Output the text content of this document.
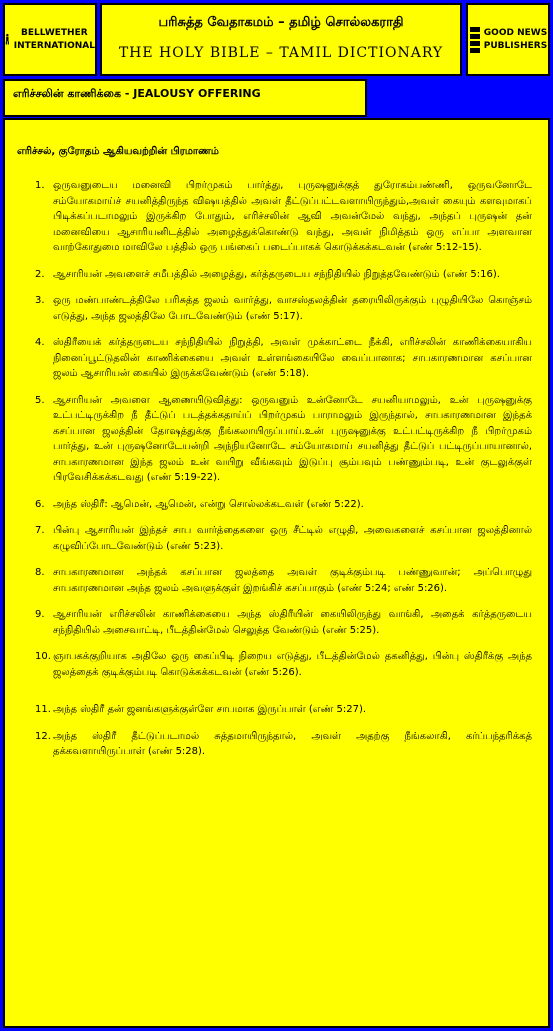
BELLWETHER
INTERNATIONAL
பரிசுத்த வேதாகமம் – தமிழ் சொல்லகராதி
THE HOLY BIBLE – TAMIL DICTIONARY
GOOD NEWS
PUBLISHERS
எரிச்சலின் காணிக்கை - JEALOUSY OFFERING
எரிச்சல், குரோதம் ஆகியவற்றின் பிரமாணம்
1. ஒருவனுடைய மனைவி பிறர்முகம் பார்த்து, புருஷனுக்குத் துரோகம்பண்ணி, ஒருவனோடே சம்யோகமாய்ச் சயனித்திருந்த விஷயத்தில் அவள் தீட்டுப்பட்டவளாயிருந்தும்,அவள் கையும் களவுமாகப் பிடிக்கப்படாமலும் இருக்கிற போதும், எரிச்சலின் ஆவி அவன்மேல் வந்து, அந்தப் புருஷன் தன் மனைவியை ஆசாரியனிடத்தில் அழைத்துக்கொண்டு வந்து, அவள் நிமித்தம் ஒரு எப்பா அளவான வாற்கோதுமை மாவிலே பத்தில் ஒரு பங்கைப் படைப்பாகக் கொடுக்கக்கடவன் (எண் 5:12-15).
2. ஆசாரியன் அவளைச் சமீபத்தில் அழைத்து, கர்த்தருடைய சந்நிதியில் நிறுத்தவேண்டும் (எண் 5:16).
3. ஒரு மண்பாண்டத்திலே பரிசுத்த ஜலம் வார்த்து, வாசஸ்தலத்தின் தரையிலிருக்கும் புழுதியிலே கொஞ்சம் எடுத்து, அந்த ஜலத்திலே போடவேண்டும் (எண் 5:17).
4. ஸ்திரீயைக் கர்த்தருடைய சந்நிதியில் நிறுத்தி, அவள் முக்காட்டை நீக்கி, எரிச்சலின் காணிக்கையாகிய நினைப்பூட்டுதலின் காணிக்கையை அவள் உள்ளங்கையிலே வைப்பானாக; சாபகாரணமான கசப்பான ஜலம் ஆசாரியன் கையில் இருக்கவேண்டும் (எண் 5:18).
5. ஆசாரியன் அவளை ஆணையிடுவித்து: ஒருவனும் உன்னோடே சயனியாமலும், உன் புருஷனுக்கு உட்பட்டிருக்கிற நீ தீட்டுப் படத்தக்கதாய்ப் பிறர்முகம் பாராமலும் இருந்தால், சாபகாரணமான இந்தக் கசப்பான ஜலத்தின் தோஷத்துக்கு நீங்கலாயிருப்பாய்.உன் புருஷனுக்கு உட்பட்டிருக்கிற நீ பிறர்முகம் பார்த்து, உன் புருஷனோடேயன்றி அந்நியனோடே சம்யோகமாய் சயனித்து தீட்டுப் பட்டிருப்பாயானால், சாபகாரணமான இந்த ஜலம் உன் வயிறு வீங்கவும் இடுப்பு சூம்பவும் பண்ணும்படி, உன் குடலுக்குள் பிரவேசிக்கக்கடவது (எண் 5:19-22).
6. அந்த ஸ்திரீ: ஆமென், ஆமென், என்று சொல்லக்கடவள் (எண் 5:22).
7. பின்பு ஆசாரியன் இந்தச் சாப வார்த்தைகளை ஒரு சீட்டில் எழுதி, அவைகளைச் கசப்பான ஜலத்தினால் கழுவிப்போடவேண்டும் (எண் 5:23).
8. சாபகாரணமான அந்தக் கசப்பான ஜலத்தை அவள் குடிக்கும்படி பண்ணுவான்; அப்பொழுது சாபகாரணமான அந்த ஜலம் அவளுக்குள் இறங்கிச் கசப்பாகும் (எண் 5:24; எண் 5:26).
9. ஆசாரியன் எரிச்சலின் காணிக்கையை அந்த ஸ்திரீயின் கையிலிருந்து வாங்கி, அதைக் கர்த்தருடைய சந்நிதியில் அசைவாட்டி, பீடத்தின்மேல் செலுத்த வேண்டும் (எண் 5:25).
10. ஞாபகக்குறியாக அதிலே ஒரு கைப்பிடி நிறைய எடுத்து, பீடத்தின்மேல் தகனித்து, பின்பு ஸ்திரீக்கு அந்த ஜலத்தைக் குடிக்கும்படி கொடுக்கக்கடவன் (எண் 5:26).
11. அந்த ஸ்திரீ தன் ஜனங்களுக்குள்ளே சாபமாக இருப்பாள் (எண் 5:27).
12. அந்த ஸ்திரீ தீட்டுப்படாமல் சுத்தமாயிருந்தால், அவள் அதற்கு நீங்கலாகி, கர்ப்பந்தரிக்கத் தக்கவளாயிருப்பாள் (எண் 5:28).
